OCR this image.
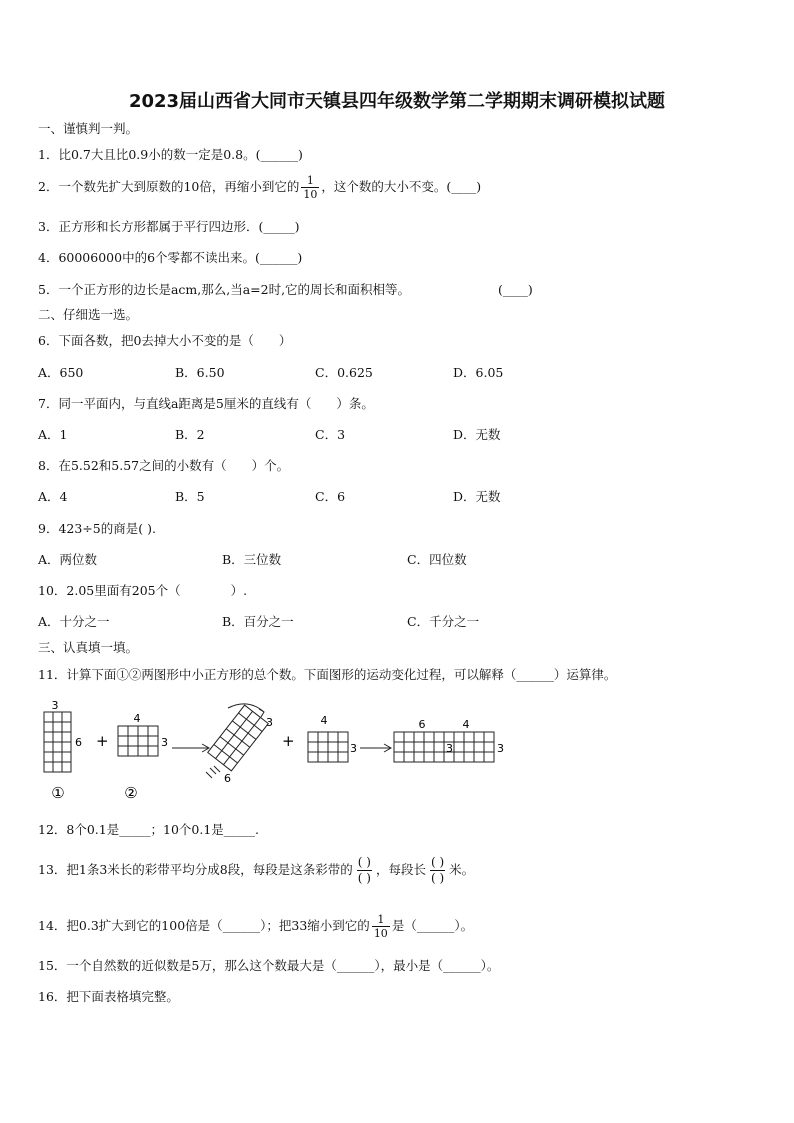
2023届山西省大同市天镇县四年级数学第二学期期末调研模拟试题
一、谨慎判一判。
1．比0.7大且比0.9小的数一定是0.8。(______)
2．一个数先扩大到原数的10倍，再缩小到它的 $\frac{1}{10}$ ，这个数的大小不变。(____)
3．正方形和长方形都属于平行四边形．(_____)
4．60006000中的6个零都不读出来。(______)
5．一个正方形的边长是acm,那么,当a=2时,它的周长和面积相等。	(____)
二、仔细选一选。
6．下面各数，把0去掉大小不变的是（　　）
A．650	B．6.50	C．0.625	D．6.05
7．同一平面内，与直线a距离是5厘米的直线有（　　）条。
A．1	B．2	C．3	D．无数
8．在5.52和5.57之间的小数有（　　）个。
A．4	B．5	C．6	D．无数
9．423÷5的商是( ).
A．两位数	B．三位数	C．四位数
10．2.05里面有205个（　　　　）.
A．十分之一	B．百分之一	C．千分之一
三、认真填一填。
11．计算下面①②两图形中小正方形的总个数。下面图形的运动变化过程，可以解释（______）运算律。
3
6
①
+
4
3
②
3
6
+
4
3
6	4
3	3
12．8个0.1是_____；10个0.1是_____.
13．把1条3米长的彩带平均分成8段，每段是这条彩带的 ( )
( )
，每段长 ( )
( )
米。
14．把0.3扩大到它的100倍是（______）；把33缩小到它的 $\frac{1}{10}$ 是（______）。
15．一个自然数的近似数是5万，那么这个数最大是（______），最小是（______）。
16．把下面表格填完整。
